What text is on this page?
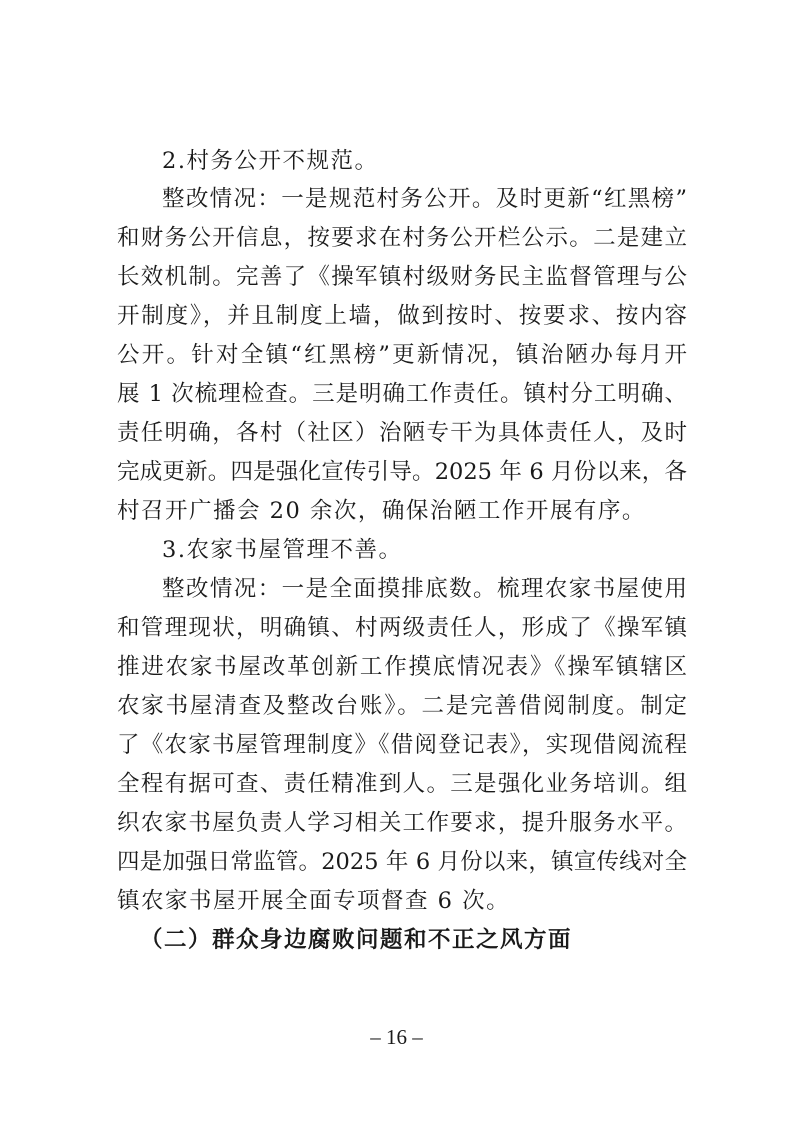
2.村务公开不规范。
整改情况：一是规范村务公开。及时更新“红黑榜”
和财务公开信息，按要求在村务公开栏公示。二是建立
长效机制。完善了《操军镇村级财务民主监督管理与公
开制度》，并且制度上墙，做到按时、按要求、按内容
公开。针对全镇“红黑榜”更新情况，镇治陋办每月开
展 1 次梳理检查。三是明确工作责任。镇村分工明确、
责任明确，各村（社区）治陋专干为具体责任人，及时
完成更新。四是强化宣传引导。2025 年 6 月份以来，各
村召开广播会 20 余次，确保治陋工作开展有序。
3.农家书屋管理不善。
整改情况：一是全面摸排底数。梳理农家书屋使用
和管理现状，明确镇、村两级责任人，形成了《操军镇
推进农家书屋改革创新工作摸底情况表》《操军镇辖区
农家书屋清查及整改台账》。二是完善借阅制度。制定
了《农家书屋管理制度》《借阅登记表》，实现借阅流程
全程有据可查、责任精准到人。三是强化业务培训。组
织农家书屋负责人学习相关工作要求，提升服务水平。
四是加强日常监管。2025 年 6 月份以来，镇宣传线对全
镇农家书屋开展全面专项督查 6 次。
（二）群众身边腐败问题和不正之风方面
– 16 –
